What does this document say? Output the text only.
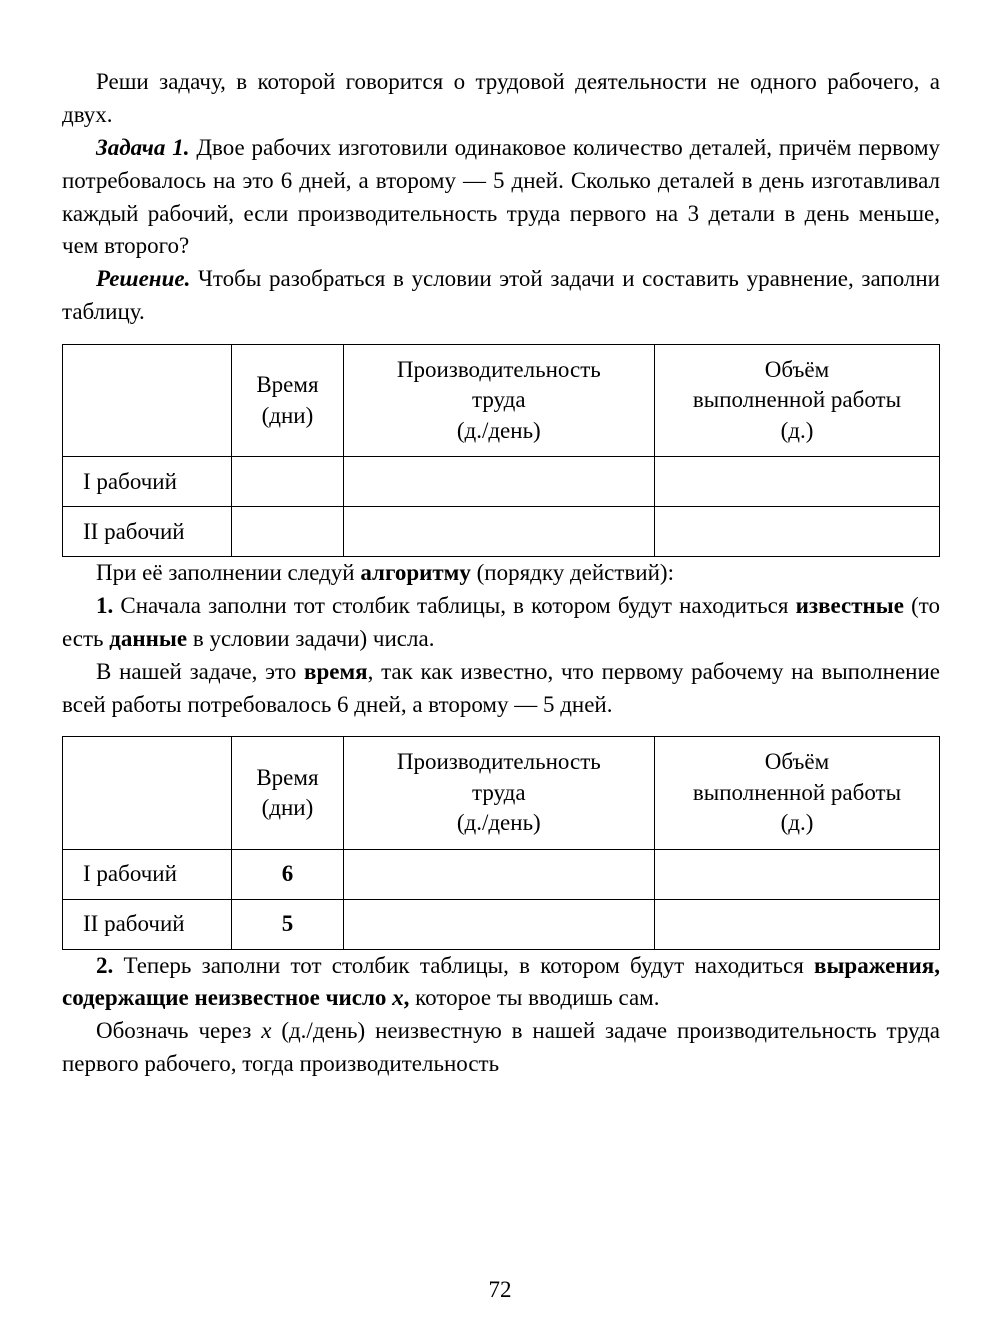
Реши задачу, в которой говорится о трудовой деятельности не одного рабочего, а двух.

Задача 1. Двое рабочих изготовили одинаковое количество деталей, причём первому потребовалось на это 6 дней, а второму — 5 дней. Сколько деталей в день изготавливал каждый рабочий, если производительность труда первого на 3 детали в день меньше, чем второго?

Решение. Чтобы разобраться в условии этой задачи и составить уравнение, заполни таблицу.

	Время
(дни)	Производительность
труда
(д./день)	Объём
выполненной работы
(д.)
I рабочий			
II рабочий			

При её заполнении следуй алгоритму (порядку действий):

1. Сначала заполни тот столбик таблицы, в котором будут находиться известные (то есть данные в условии задачи) числа.

В нашей задаче, это время, так как известно, что первому рабочему на выполнение всей работы потребовалось 6 дней, а второму — 5 дней.

	Время
(дни)	Производительность
труда
(д./день)	Объём
выполненной работы
(д.)
I рабочий	6		
II рабочий	5		

2. Теперь заполни тот столбик таблицы, в котором будут находиться выражения, содержащие неизвестное число x, которое ты вводишь сам.

Обозначь через x (д./день) неизвестную в нашей задаче производительность труда первого рабочего, тогда производительность

72
